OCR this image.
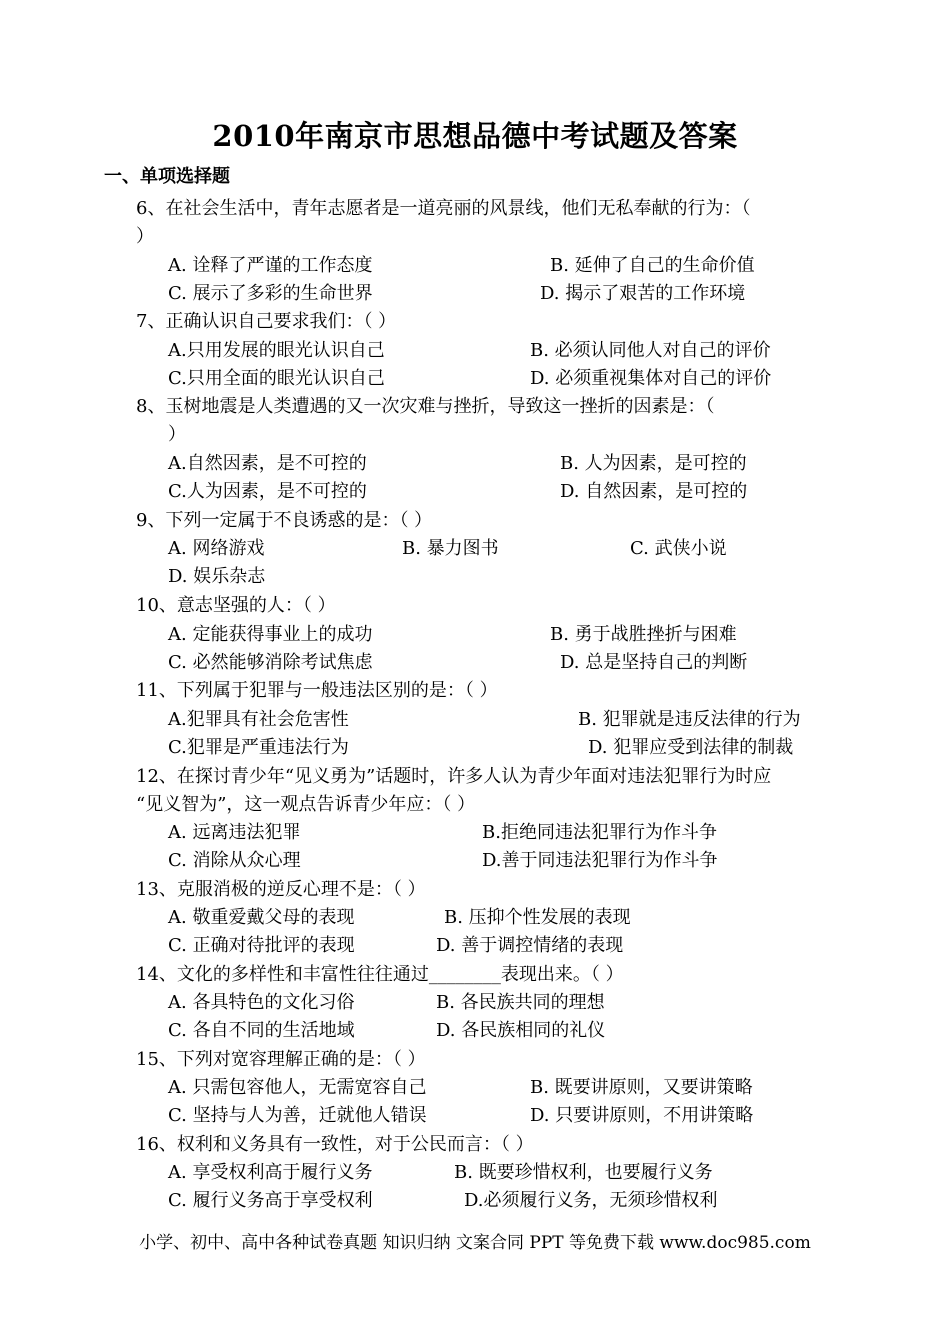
2010年南京市思想品德中考试题及答案
一、单项选择题
6、在社会生活中，青年志愿者是一道亮丽的风景线，他们无私奉献的行为：（
）
A. 诠释了严谨的工作态度	B. 延伸了自己的生命价值
C. 展示了多彩的生命世界	D. 揭示了艰苦的工作环境
7、正确认识自己要求我们：（ ）
A.只用发展的眼光认识自己	B. 必须认同他人对自己的评价
C.只用全面的眼光认识自己	D. 必须重视集体对自己的评价
8、玉树地震是人类遭遇的又一次灾难与挫折，导致这一挫折的因素是：（
）
A.自然因素，是不可控的	B. 人为因素，是可控的
C.人为因素，是不可控的	D. 自然因素，是可控的
9、下列一定属于不良诱惑的是：（ ）
A. 网络游戏	B. 暴力图书	C. 武侠小说
D. 娱乐杂志
10、意志坚强的人：（ ）
A. 定能获得事业上的成功	B. 勇于战胜挫折与困难
C. 必然能够消除考试焦虑	D. 总是坚持自己的判断
11、下列属于犯罪与一般违法区别的是：（ ）
A.犯罪具有社会危害性	B. 犯罪就是违反法律的行为
C.犯罪是严重违法行为	D. 犯罪应受到法律的制裁
12、在探讨青少年“见义勇为”话题时，许多人认为青少年面对违法犯罪行为时应
“见义智为”，这一观点告诉青少年应：（ ）
A. 远离违法犯罪	B.拒绝同违法犯罪行为作斗争
C. 消除从众心理	D.善于同违法犯罪行为作斗争
13、克服消极的逆反心理不是：（ ）
A. 敬重爱戴父母的表现	B. 压抑个性发展的表现
C. 正确对待批评的表现	D. 善于调控情绪的表现
14、文化的多样性和丰富性往往通过________表现出来。（ ）
A. 各具特色的文化习俗	B. 各民族共同的理想
C. 各自不同的生活地域	D. 各民族相同的礼仪
15、下列对宽容理解正确的是：（ ）
A. 只需包容他人，无需宽容自己	B. 既要讲原则，又要讲策略
C. 坚持与人为善，迁就他人错误	D. 只要讲原则，不用讲策略
16、权利和义务具有一致性，对于公民而言：（ ）
A. 享受权利高于履行义务	B. 既要珍惜权利，也要履行义务
C. 履行义务高于享受权利	D.必须履行义务，无须珍惜权利
小学、初中、高中各种试卷真题 知识归纳 文案合同 PPT 等免费下载 www.doc985.com
